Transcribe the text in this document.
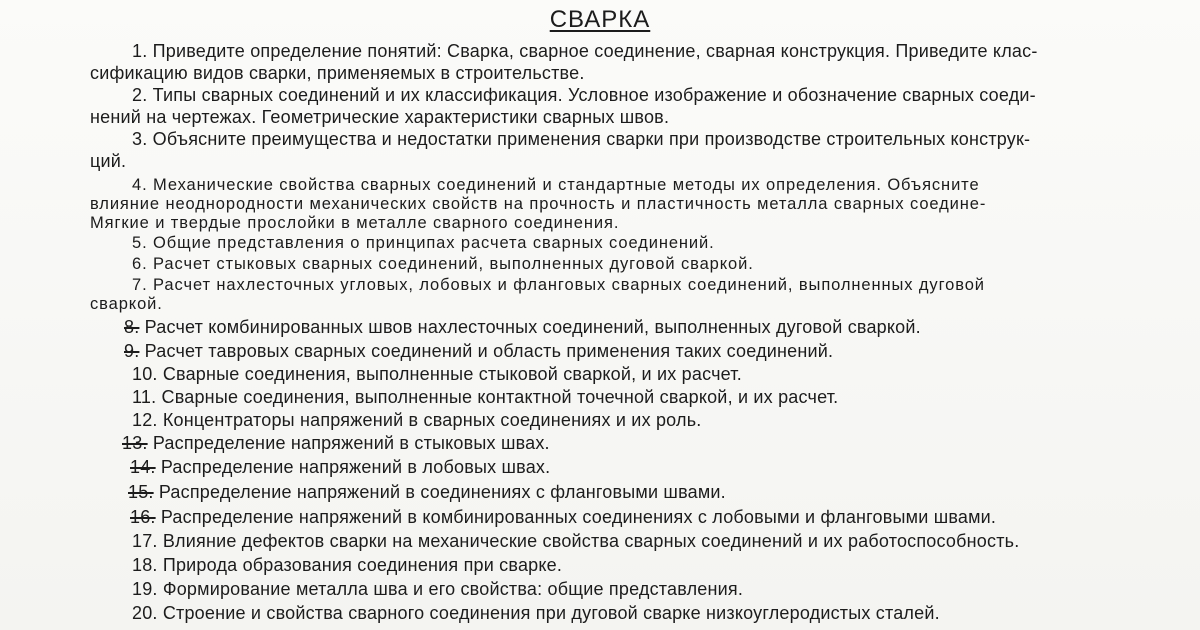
СВАРКА
1. Приведите определение понятий: Сварка, сварное соединение, сварная конструкция. Приведите клас-
сификацию видов сварки, применяемых в строительстве.
2. Типы сварных соединений и их классификация. Условное изображение и обозначение сварных соеди-
нений на чертежах. Геометрические характеристики сварных швов.
3. Объясните преимущества и недостатки применения сварки при производстве строительных конструк-
ций.
4. Механические свойства сварных соединений и стандартные методы их определения. Объясните
влияние неоднородности механических свойств на прочность и пластичность металла сварных соедине-
Мягкие и твердые прослойки в металле сварного соединения.
5. Общие представления о принципах расчета сварных соединений.
6. Расчет стыковых сварных соединений, выполненных дуговой сваркой.
7. Расчет нахлесточных угловых, лобовых и фланговых сварных соединений, выполненных дуговой
сваркой.
8. Расчет комбинированных швов нахлесточных соединений, выполненных дуговой сваркой.
9. Расчет тавровых сварных соединений и область применения таких соединений.
10. Сварные соединения, выполненные стыковой сваркой, и их расчет.
11. Сварные соединения, выполненные контактной точечной сваркой, и их расчет.
12. Концентраторы напряжений в сварных соединениях и их роль.
13. Распределение напряжений в стыковых швах.
14. Распределение напряжений в лобовых швах.
15. Распределение напряжений в соединениях с фланговыми швами.
16. Распределение напряжений в комбинированных соединениях с лобовыми и фланговыми швами.
17. Влияние дефектов сварки на механические свойства сварных соединений и их работоспособность.
18. Природа образования соединения при сварке.
19. Формирование металла шва и его свойства: общие представления.
20. Строение и свойства сварного соединения при дуговой сварке низкоуглеродистых сталей.
